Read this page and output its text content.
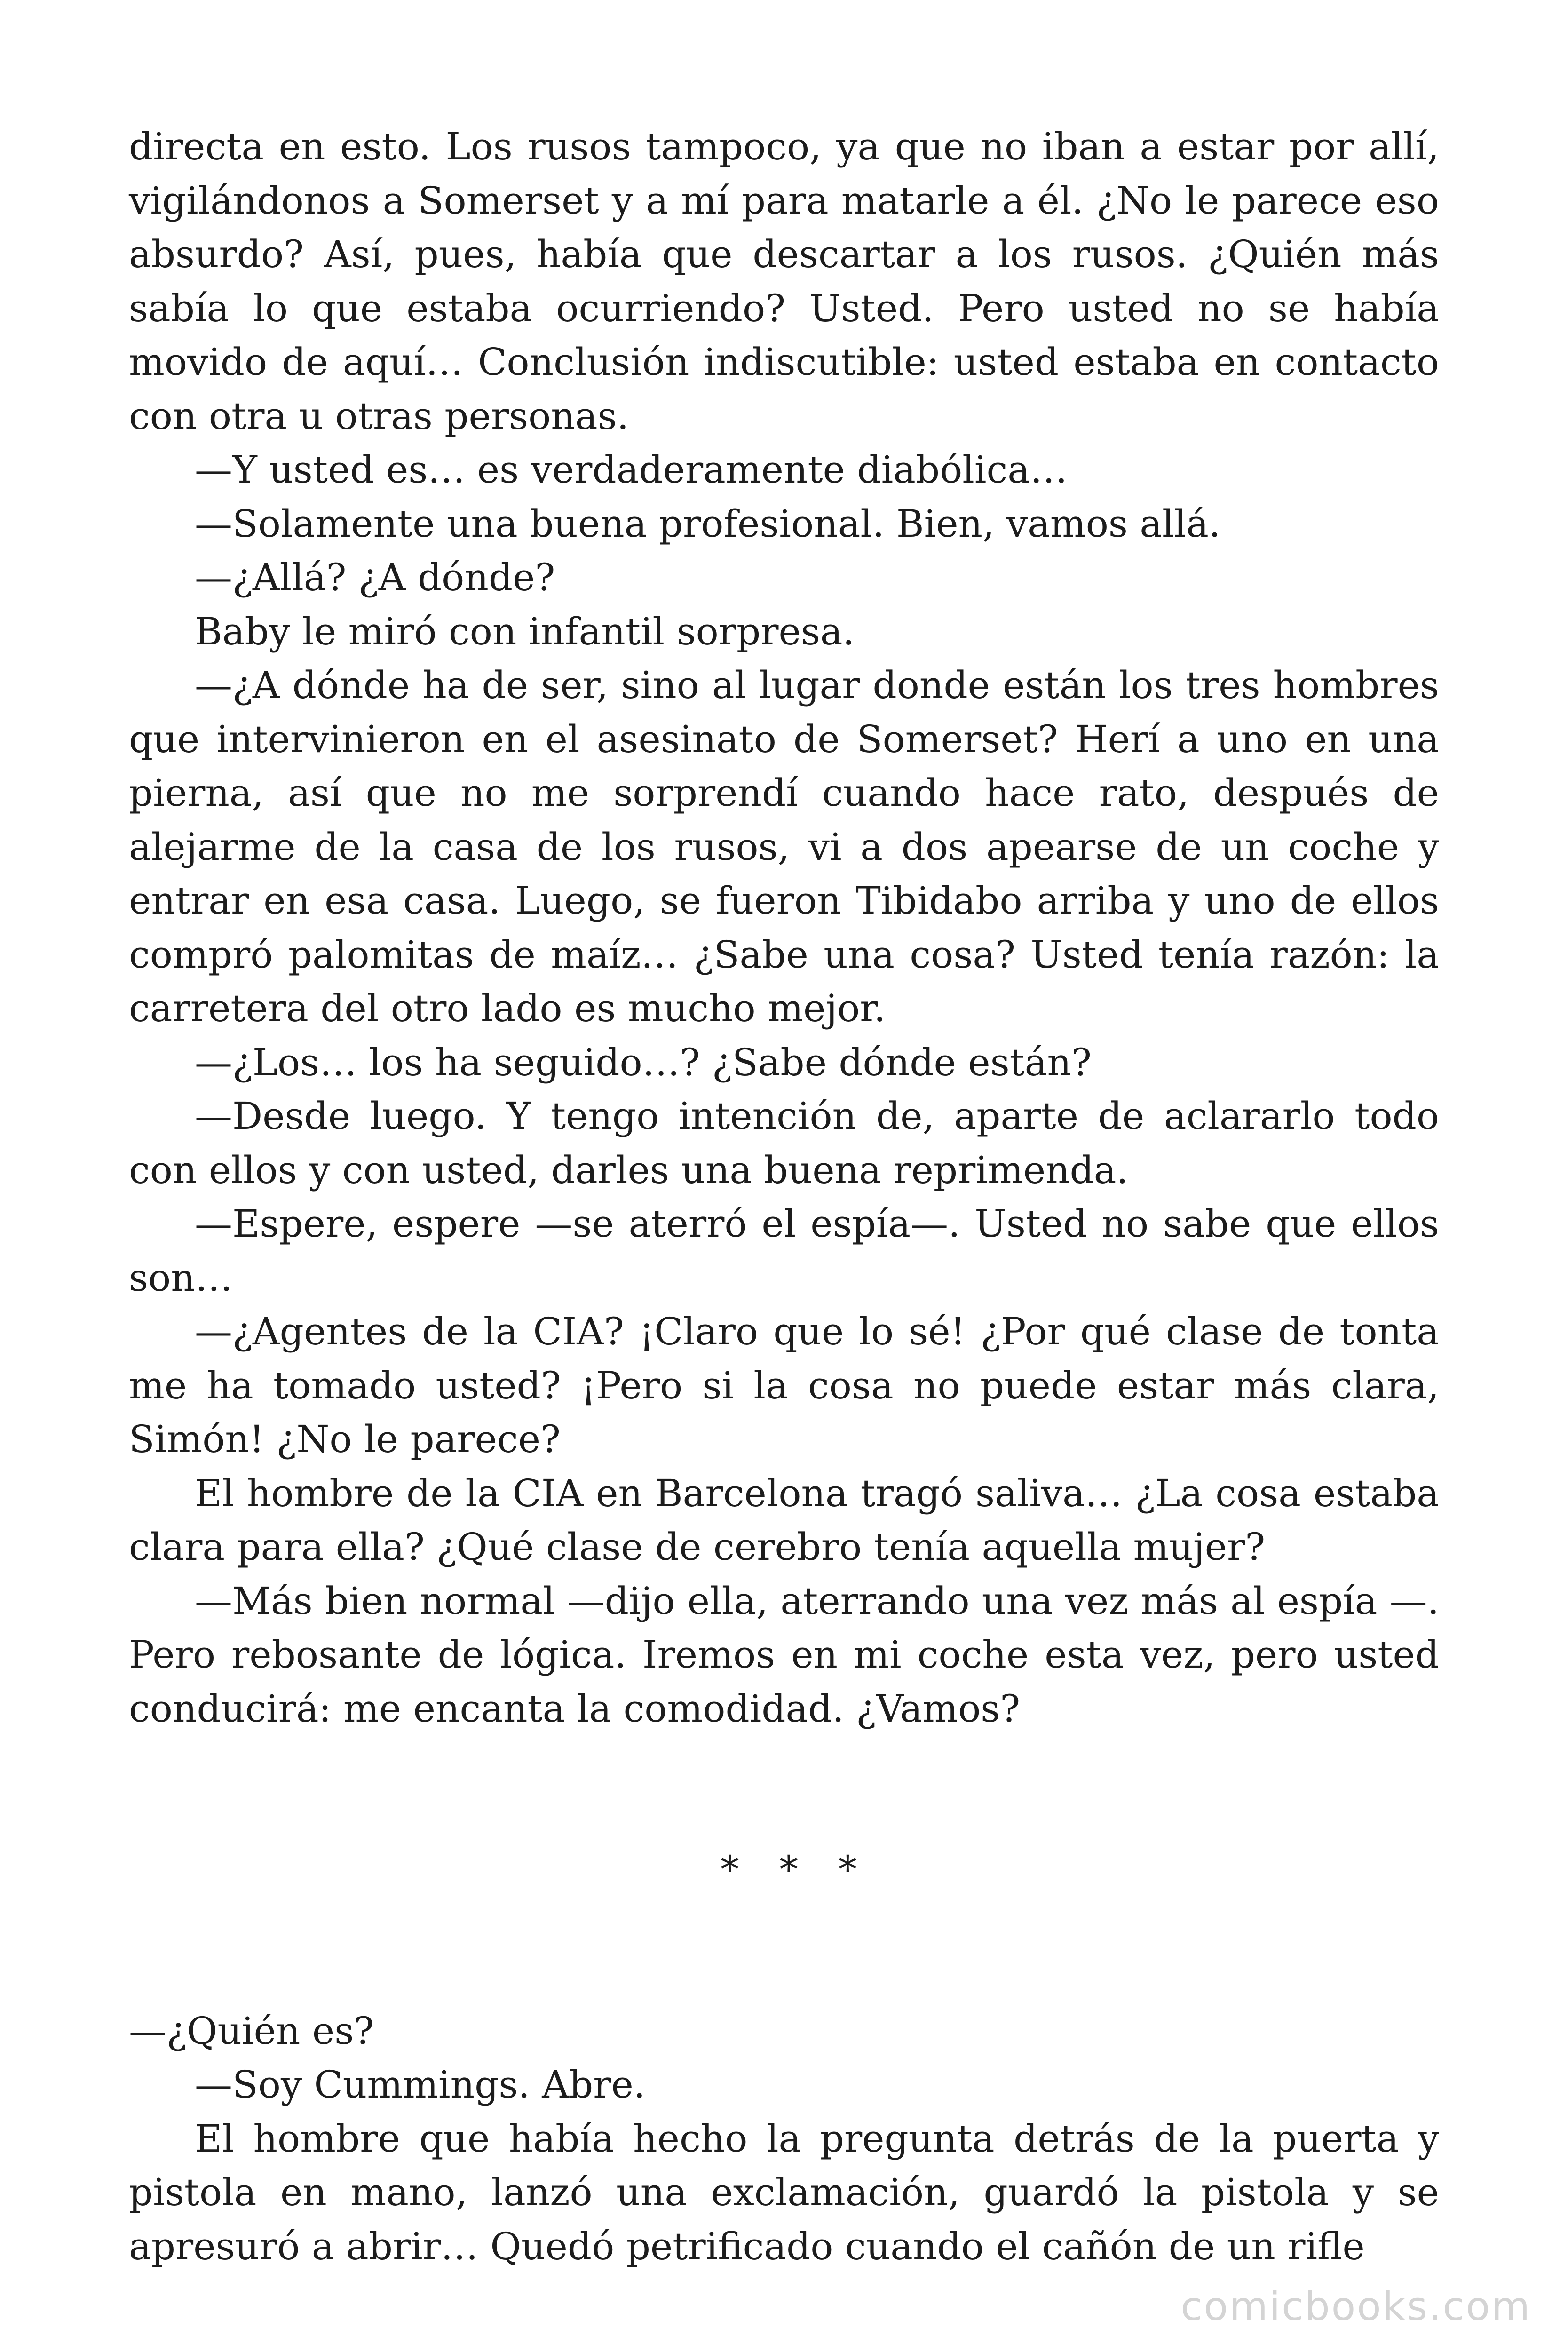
directa en esto. Los rusos tampoco, ya que no iban a estar por allí, vigilándonos a Somerset y a mí para matarle a él. ¿No le parece eso absurdo? Así, pues, había que descartar a los rusos. ¿Quién más sabía lo que estaba ocurriendo? Usted. Pero usted no se había movido de aquí… Conclusión indiscutible: usted estaba en contacto con otra u otras personas.

—Y usted es… es verdaderamente diabólica…

—Solamente una buena profesional. Bien, vamos allá.

—¿Allá? ¿A dónde?

Baby le miró con infantil sorpresa.

—¿A dónde ha de ser, sino al lugar donde están los tres hombres que intervinieron en el asesinato de Somerset? Herí a uno en una pierna, así que no me sorprendí cuando hace rato, después de alejarme de la casa de los rusos, vi a dos apearse de un coche y entrar en esa casa. Luego, se fueron Tibidabo arriba y uno de ellos compró palomitas de maíz… ¿Sabe una cosa? Usted tenía razón: la carretera del otro lado es mucho mejor.

—¿Los… los ha seguido…? ¿Sabe dónde están?

—Desde luego. Y tengo intención de, aparte de aclararlo todo con ellos y con usted, darles una buena reprimenda.

—Espere, espere —se aterró el espía—. Usted no sabe que ellos son…

—¿Agentes de la CIA? ¡Claro que lo sé! ¿Por qué clase de tonta me ha tomado usted? ¡Pero si la cosa no puede estar más clara, Simón! ¿No le parece?

El hombre de la CIA en Barcelona tragó saliva… ¿La cosa estaba clara para ella? ¿Qué clase de cerebro tenía aquella mujer?

—Más bien normal —dijo ella, aterrando una vez más al espía —. Pero rebosante de lógica. Iremos en mi coche esta vez, pero usted conducirá: me encanta la comodidad. ¿Vamos?

* * *

—¿Quién es?

—Soy Cummings. Abre.

El hombre que había hecho la pregunta detrás de la puerta y pistola en mano, lanzó una exclamación, guardó la pistola y se apresuró a abrir… Quedó petrificado cuando el cañón de un rifle

comicbooks.com
